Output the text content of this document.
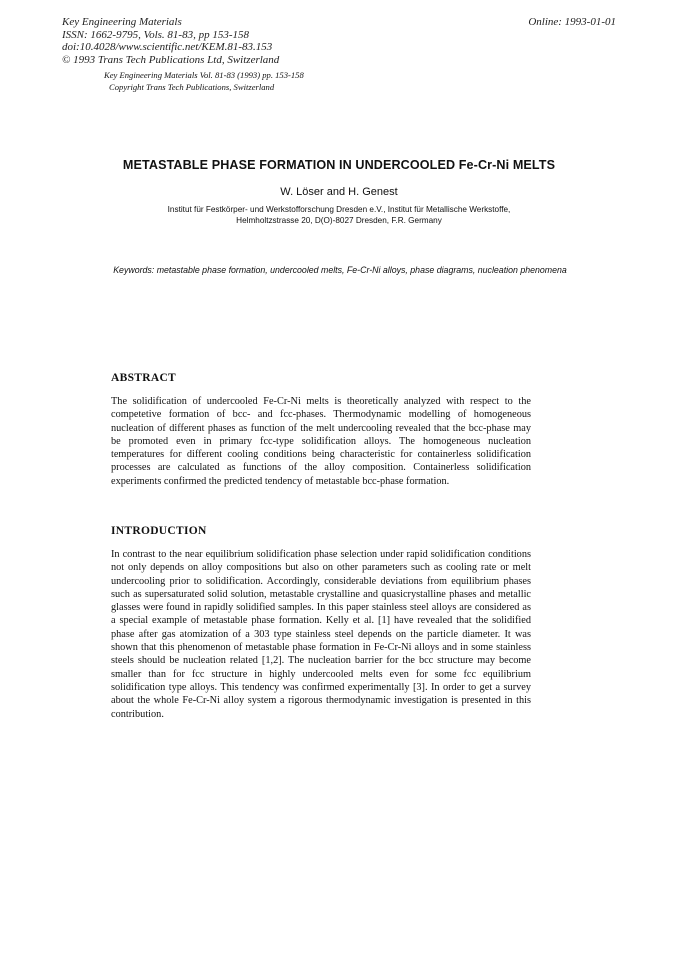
Key Engineering Materials
ISSN: 1662-9795, Vols. 81-83, pp 153-158
doi:10.4028/www.scientific.net/KEM.81-83.153
© 1993 Trans Tech Publications Ltd, Switzerland
Online: 1993-01-01
Key Engineering Materials Vol. 81-83 (1993) pp. 153-158
Copyright Trans Tech Publications, Switzerland
METASTABLE PHASE FORMATION IN UNDERCOOLED Fe-Cr-Ni MELTS
W. Löser and H. Genest
Institut für Festkörper- und Werkstofforschung Dresden e.V., Institut für Metallische Werkstoffe,
Helmholtzstrasse 20, D(O)-8027 Dresden, F.R. Germany
Keywords: metastable phase formation, undercooled melts, Fe-Cr-Ni alloys, phase diagrams, nucleation phenomena
ABSTRACT
The solidification of undercooled Fe-Cr-Ni melts is theoretically analyzed with respect to the competetive formation of bcc- and fcc-phases. Thermodynamic modelling of homogeneous nucleation of different phases as function of the melt undercooling revealed that the bcc-phase may be promoted even in primary fcc-type solidification alloys. The homogeneous nucleation temperatures for different cooling conditions being characteristic for containerless solidification processes are calculated as functions of the alloy composition. Containerless solidification experiments confirmed the predicted tendency of metastable bcc-phase formation.
INTRODUCTION
In contrast to the near equilibrium solidification phase selection under rapid solidification conditions not only depends on alloy compositions but also on other parameters such as cooling rate or melt undercooling prior to solidification. Accordingly, considerable deviations from equilibrium phases such as supersaturated solid solution, metastable crystalline and quasicrystalline phases and metallic glasses were found in rapidly solidified samples. In this paper stainless steel alloys are considered as a special example of metastable phase formation. Kelly et al. [1] have revealed that the solidified phase after gas atomization of a 303 type stainless steel depends on the particle diameter. It was shown that this phenomenon of metastable phase formation in Fe-Cr-Ni alloys and in some stainless steels should be nucleation related [1,2]. The nucleation barrier for the bcc structure may become smaller than for fcc structure in highly undercooled melts even for some fcc equilibrium solidification type alloys. This tendency was confirmed experimentally [3]. In order to get a survey about the whole Fe-Cr-Ni alloy system a rigorous thermodynamic investigation is presented in this contribution.
